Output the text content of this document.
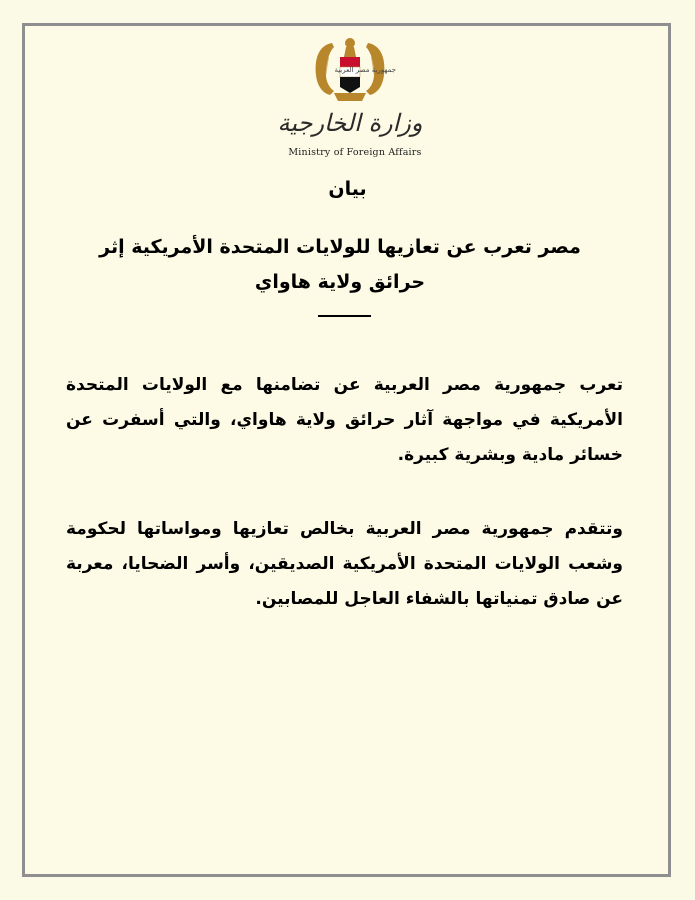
جمهورية مصر العربية
وزارة الخارجية
Ministry of Foreign Affairs
بيان
مصر تعرب عن تعازيها للولايات المتحدة الأمريكية إثر حرائق ولاية هاواي
تعرب جمهورية مصر العربية عن تضامنها مع الولايات المتحدة الأمريكية في مواجهة آثار حرائق ولاية هاواي، والتي أسفرت عن خسائر مادية وبشرية كبيرة.
وتتقدم جمهورية مصر العربية بخالص تعازيها ومواساتها لحكومة وشعب الولايات المتحدة الأمريكية الصديقين، وأسر الضحايا، معربة عن صادق تمنياتها بالشفاء العاجل للمصابين.
